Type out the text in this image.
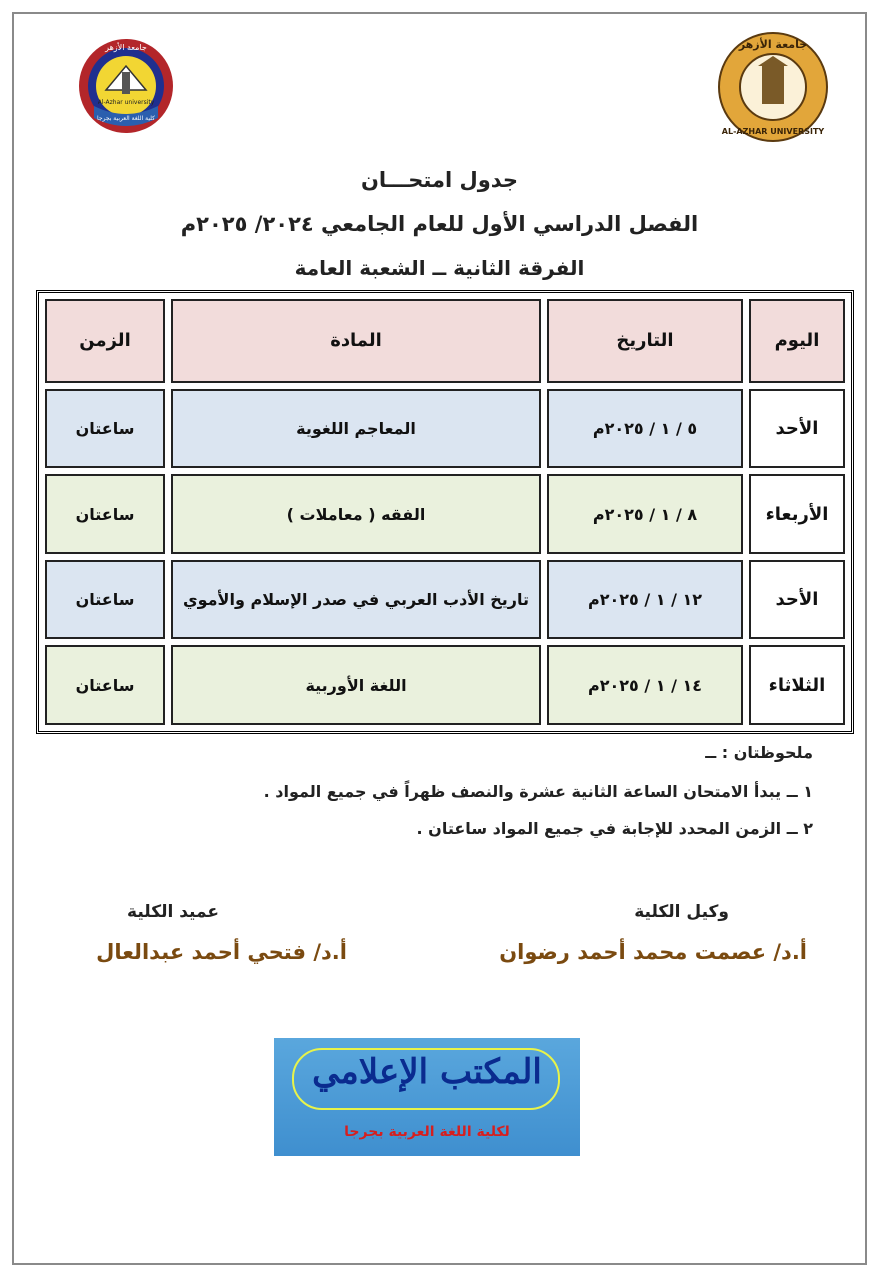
جامعة الأزهر
Al-Azhar university
كلية اللغة العربية بجرجا
جامعة الأزهر
AL-AZHAR UNIVERSITY
جدول امتحـــان
الفصل الدراسي الأول للعام الجامعي ٢٠٢٤/ ٢٠٢٥م
الفرقة الثانية ــ الشعبة العامة
اليوم	التاريخ	المادة	الزمن
الأحد	٥ / ١ / ٢٠٢٥م	المعاجم اللغوية	ساعتان
الأربعاء	٨ / ١ / ٢٠٢٥م	الفقه ( معاملات )	ساعتان
الأحد	١٢ / ١ / ٢٠٢٥م	تاريخ الأدب العربي في صدر الإسلام والأموي	ساعتان
الثلاثاء	١٤ / ١ / ٢٠٢٥م	اللغة الأوربية	ساعتان
ملحوظتان : ــ
١ ــ يبدأ الامتحان الساعة الثانية عشرة والنصف ظهراً في جميع المواد .
٢ ــ الزمن المحدد للإجابة في جميع المواد ساعتان .
وكيل الكلية
أ.د/ عصمت محمد أحمد رضوان
عميد الكلية
أ.د/ فتحي أحمد عبدالعال
المكتب الإعلامي
لكلية اللغة العربية بجرجا
